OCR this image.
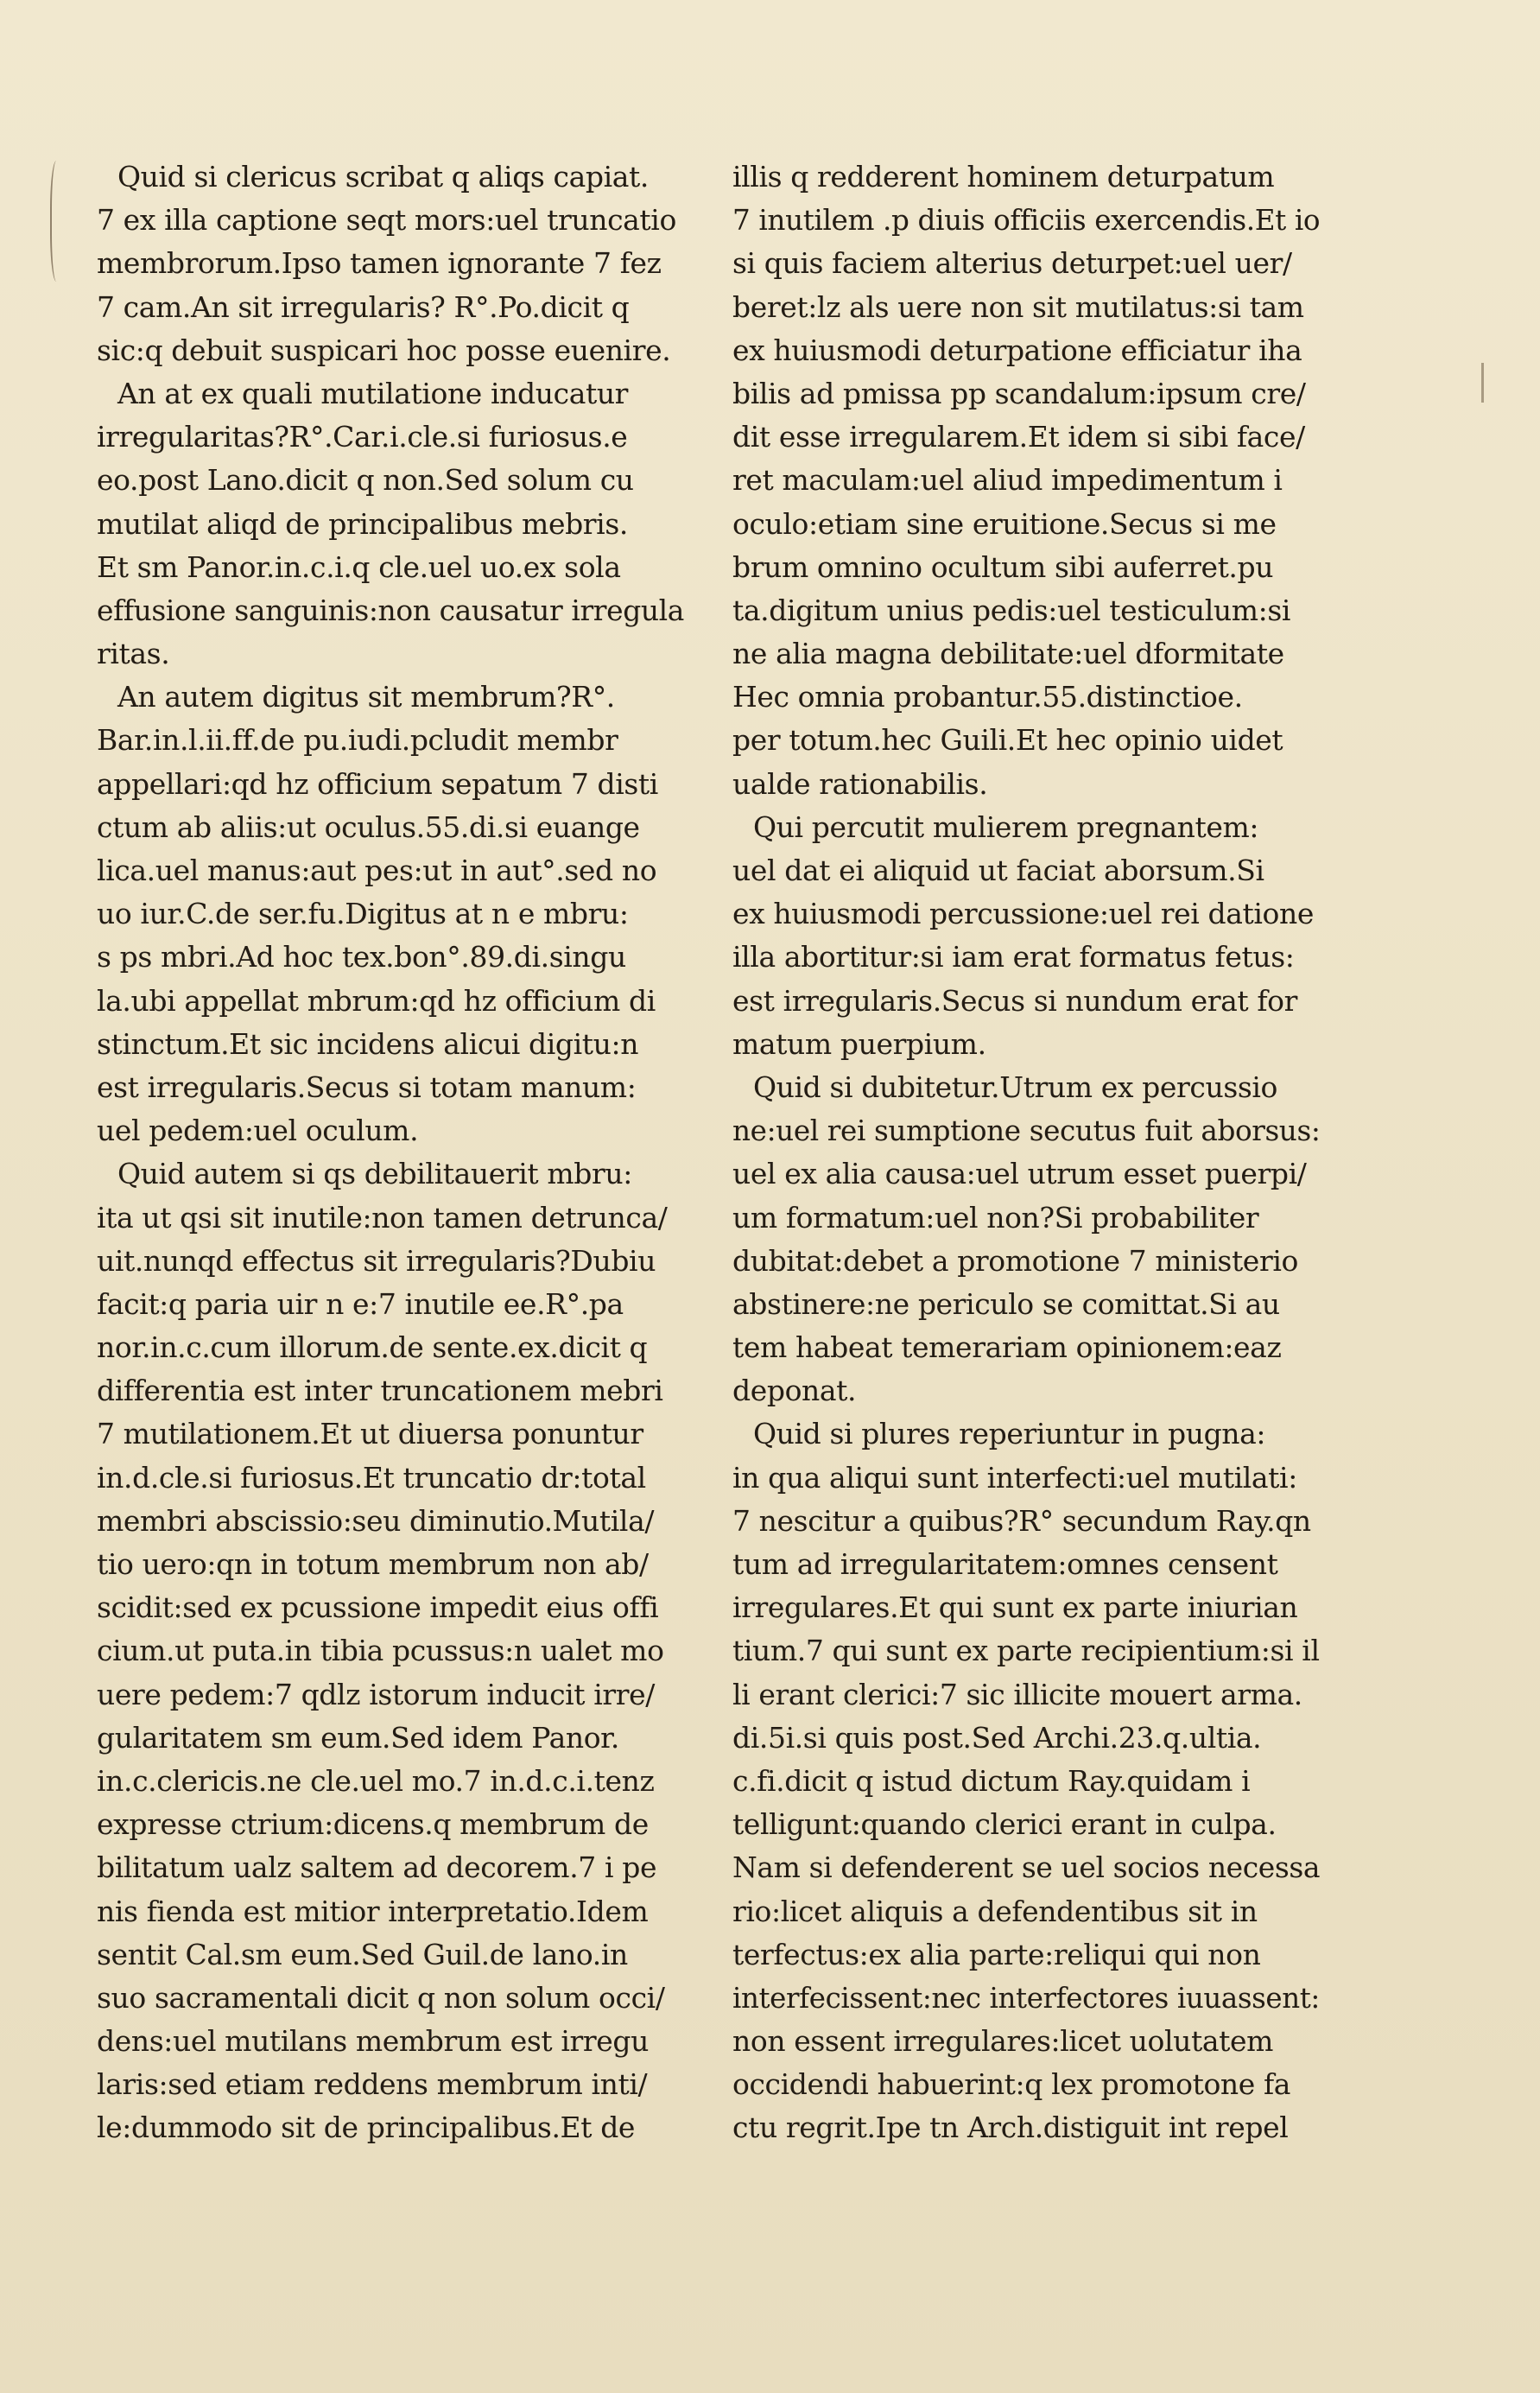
Quid si clericus scribat q aliqs capiat.
7 ex illa captione seqt mors:uel truncatio
membrorum.Ipso tamen ignorante 7 fez
7 cam.An sit irregularis? R°.Po.dicit q
sic:q debuit suspicari hoc posse euenire.
An at ex quali mutilatione inducatur
irregularitas?R°.Car.i.cle.si furiosus.e
eo.post Lano.dicit q non.Sed solum cu
mutilat aliqd de principalibus mebris.
Et sm Panor.in.c.i.q cle.uel uo.ex sola
effusione sanguinis:non causatur irregula
ritas.
An autem digitus sit membrum?R°.
Bar.in.l.ii.ff.de pu.iudi.pcludit membr
appellari:qd hz officium sepatum 7 disti
ctum ab aliis:ut oculus.55.di.si euange
lica.uel manus:aut pes:ut in aut°.sed no
uo iur.C.de ser.fu.Digitus at n e mbru:
s ps mbri.Ad hoc tex.bon°.89.di.singu
la.ubi appellat mbrum:qd hz officium di
stinctum.Et sic incidens alicui digitu:n
est irregularis.Secus si totam manum:
uel pedem:uel oculum.
Quid autem si qs debilitauerit mbru:
ita ut qsi sit inutile:non tamen detrunca/
uit.nunqd effectus sit irregularis?Dubiu
facit:q paria uir n e:7 inutile ee.R°.pa
nor.in.c.cum illorum.de sente.ex.dicit q
differentia est inter truncationem mebri
7 mutilationem.Et ut diuersa ponuntur
in.d.cle.si furiosus.Et truncatio dr:total
membri abscissio:seu diminutio.Mutila/
tio uero:qn in totum membrum non ab/
scidit:sed ex pcussione impedit eius offi
cium.ut puta.in tibia pcussus:n ualet mo
uere pedem:7 qdlz istorum inducit irre/
gularitatem sm eum.Sed idem Panor.
in.c.clericis.ne cle.uel mo.7 in.d.c.i.tenz
expresse ctrium:dicens.q membrum de
bilitatum ualz saltem ad decorem.7 i pe
nis fienda est mitior interpretatio.Idem
sentit Cal.sm eum.Sed Guil.de lano.in
suo sacramentali dicit q non solum occi/
dens:uel mutilans membrum est irregu
laris:sed etiam reddens membrum inti/
le:dummodo sit de principalibus.Et de
illis q redderent hominem deturpatum
7 inutilem .p diuis officiis exercendis.Et io
si quis faciem alterius deturpet:uel uer/
beret:lz als uere non sit mutilatus:si tam
ex huiusmodi deturpatione efficiatur iha
bilis ad pmissa pp scandalum:ipsum cre/
dit esse irregularem.Et idem si sibi face/
ret maculam:uel aliud impedimentum i
oculo:etiam sine eruitione.Secus si me
brum omnino ocultum sibi auferret.pu
ta.digitum unius pedis:uel testiculum:si
ne alia magna debilitate:uel dformitate
Hec omnia probantur.55.distinctioe.
per totum.hec Guili.Et hec opinio uidet
ualde rationabilis.
Qui percutit mulierem pregnantem:
uel dat ei aliquid ut faciat aborsum.Si
ex huiusmodi percussione:uel rei datione
illa abortitur:si iam erat formatus fetus:
est irregularis.Secus si nundum erat for
matum puerpium.
Quid si dubitetur.Utrum ex percussio
ne:uel rei sumptione secutus fuit aborsus:
uel ex alia causa:uel utrum esset puerpi/
um formatum:uel non?Si probabiliter
dubitat:debet a promotione 7 ministerio
abstinere:ne periculo se comittat.Si au
tem habeat temerariam opinionem:eaz
deponat.
Quid si plures reperiuntur in pugna:
in qua aliqui sunt interfecti:uel mutilati:
7 nescitur a quibus?R° secundum Ray.qn
tum ad irregularitatem:omnes censent
irregulares.Et qui sunt ex parte iniurian
tium.7 qui sunt ex parte recipientium:si il
li erant clerici:7 sic illicite mouert arma.
di.5i.si quis post.Sed Archi.23.q.ultia.
c.fi.dicit q istud dictum Ray.quidam i
telligunt:quando clerici erant in culpa.
Nam si defenderent se uel socios necessa
rio:licet aliquis a defendentibus sit in
terfectus:ex alia parte:reliqui qui non
interfecissent:nec interfectores iuuassent:
non essent irregulares:licet uolutatem
occidendi habuerint:q lex promotone fa
ctu regrit.Ipe tn Arch.distiguit int repel
